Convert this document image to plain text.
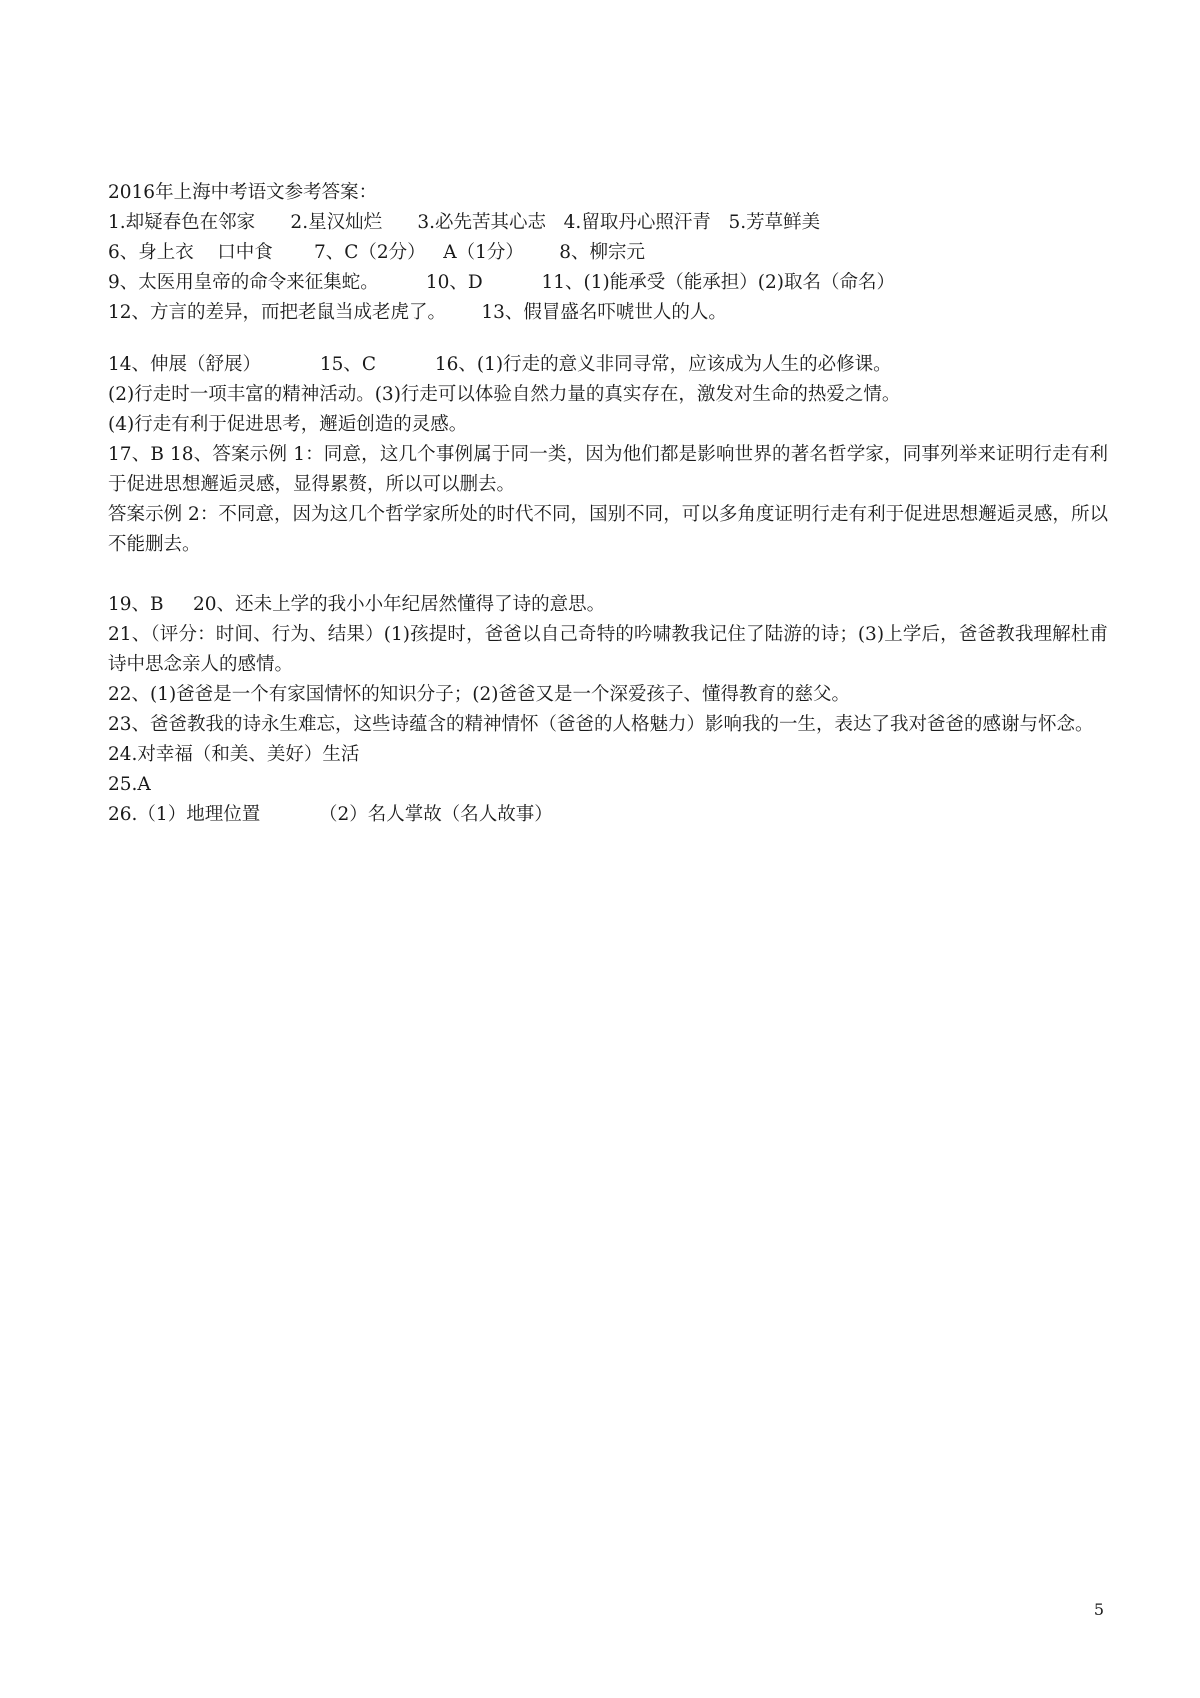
2016年上海中考语文参考答案：

1.却疑春色在邻家      2.星汉灿烂      3.必先苦其心志   4.留取丹心照汗青   5.芳草鲜美

6、身上衣    口中食       7、C（2分）   A（1分）      8、柳宗元

9、太医用皇帝的命令来征集蛇。        10、D          11、(1)能承受（能承担）(2)取名（命名）

12、方言的差异，而把老鼠当成老虎了。      13、假冒盛名吓唬世人的人。

14、伸展（舒展）          15、C          16、(1)行走的意义非同寻常，应该成为人生的必修课。

(2)行走时一项丰富的精神活动。(3)行走可以体验自然力量的真实存在，激发对生命的热爱之情。

(4)行走有利于促进思考，邂逅创造的灵感。

17、B 18、答案示例 1：同意，这几个事例属于同一类，因为他们都是影响世界的著名哲学家，同事列举来证明行走有利于促进思想邂逅灵感，显得累赘，所以可以删去。

答案示例 2：不同意，因为这几个哲学家所处的时代不同，国别不同，可以多角度证明行走有利于促进思想邂逅灵感，所以不能删去。

19、B     20、还未上学的我小小年纪居然懂得了诗的意思。

21、（评分：时间、行为、结果）(1)孩提时，爸爸以自己奇特的吟啸教我记住了陆游的诗；(3)上学后，爸爸教我理解杜甫诗中思念亲人的感情。

22、(1)爸爸是一个有家国情怀的知识分子；(2)爸爸又是一个深爱孩子、懂得教育的慈父。

23、爸爸教我的诗永生难忘，这些诗蕴含的精神情怀（爸爸的人格魅力）影响我的一生，表达了我对爸爸的感谢与怀念。

24.对幸福（和美、美好）生活

25.A

26.（1）地理位置          （2）名人掌故（名人故事）

5
